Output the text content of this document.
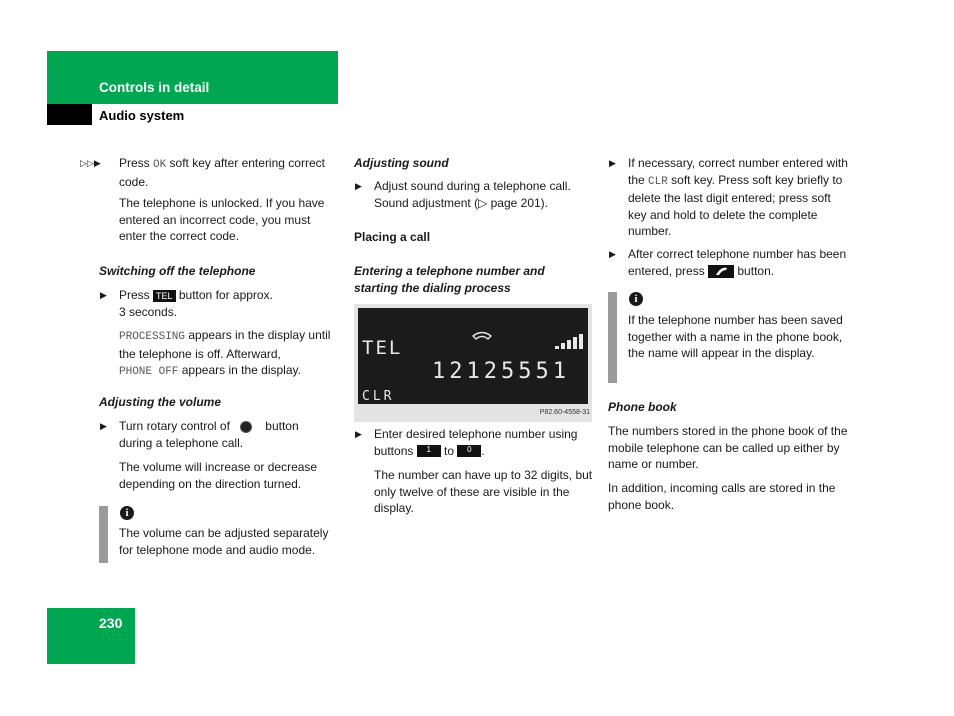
Controls in detail
Audio system
▷▷▶ Press OK soft key after entering correct code.
The telephone is unlocked. If you have entered an incorrect code, you must enter the correct code.
Switching off the telephone
▶ Press TEL button for approx.
3 seconds.
PROCESSING appears in the display until the telephone is off. Afterward,
PHONE OFF appears in the display.
Adjusting the volume
▶ Turn rotary control of       button
during a telephone call.
The volume will increase or decrease depending on the direction turned.
i
The volume can be adjusted separately for telephone mode and audio mode.
Adjusting sound
▶ Adjust sound during a telephone call.
Sound adjustment (▷ page 201).
Placing a call
Entering a telephone number and starting the dialing process
TEL
12125551
CLR
P82.60-4558-31
▶ Enter desired telephone number using
buttons 1 to 0 .
The number can have up to 32 digits, but only twelve of these are visible in the display.
▶ If necessary, correct number entered with the CLR soft key. Press soft key briefly to delete the last digit entered; press soft key and hold to delete the complete number.
▶ After correct telephone number has been entered, press  button.
i
If the telephone number has been saved together with a name in the phone book, the name will appear in the display.
Phone book
The numbers stored in the phone book of the mobile telephone can be called up either by name or number.
In addition, incoming calls are stored in the phone book.
230
